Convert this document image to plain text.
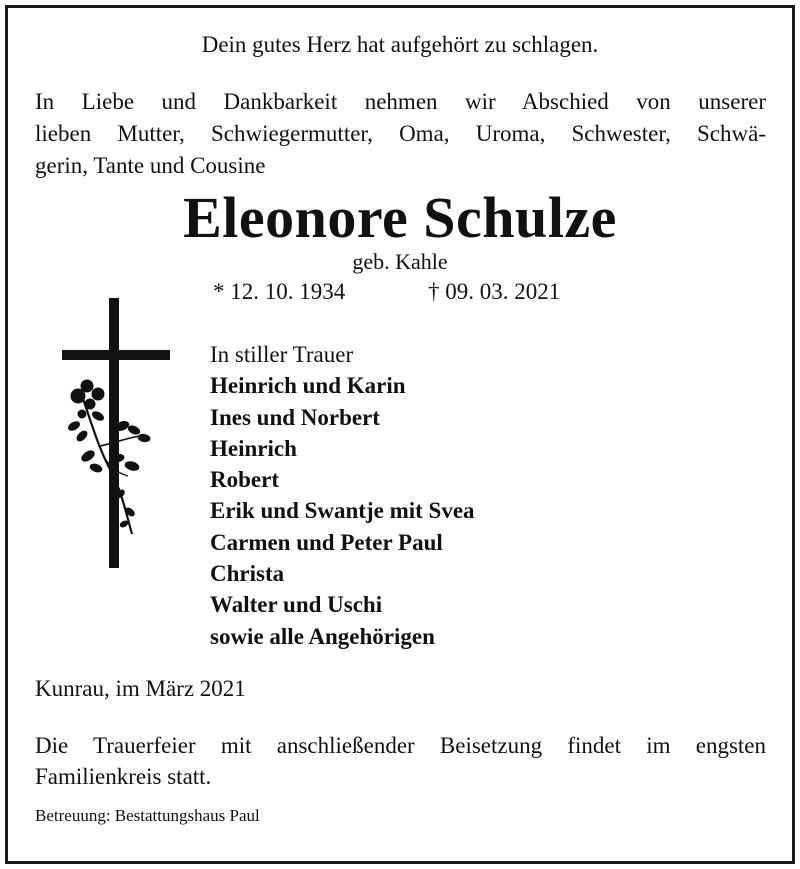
Dein gutes Herz hat aufgehört zu schlagen.

In Liebe und Dankbarkeit nehmen wir Abschied von unserer
lieben Mutter, Schwiegermutter, Oma, Uroma, Schwester, Schwä-
gerin, Tante und Cousine

Eleonore Schulze

geb. Kahle

* 12. 10. 1934	† 09. 03. 2021

In stiller Trauer
Heinrich und Karin
Ines und Norbert
Heinrich
Robert
Erik und Swantje mit Svea
Carmen und Peter Paul
Christa
Walter und Uschi
sowie alle Angehörigen

Kunrau, im März 2021

Die Trauerfeier mit anschließender Beisetzung findet im engsten
Familienkreis statt.

Betreuung: Bestattungshaus Paul
